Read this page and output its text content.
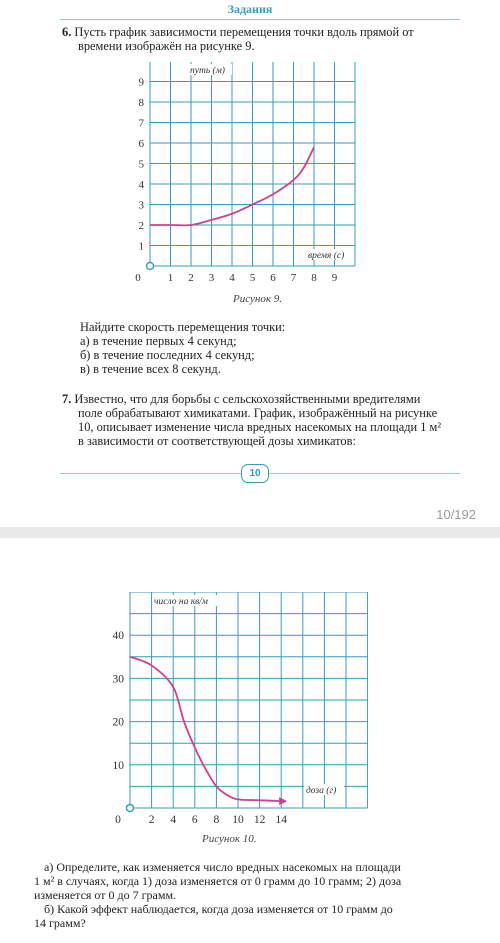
Задания
6. Пусть график зависимости перемещения точки вдоль прямой от
времени изображён на рисунке 9.
0 1 2 3 4 5 6 7 8 9
1
2
3
4
5
6
7
8
9
путь (м)
время (с)
Рисунок 9.
Найдите скорость перемещения точки:
а) в течение первых 4 секунд;
б) в течение последних 4 секунд;
в) в течение всех 8 секунд.
7. Известно, что для борьбы с сельскохозяйственными вредителями
поле обрабатывают химикатами. График, изображённый на рисунке
10, описывает изменение числа вредных насекомых на площади 1 м²
в зависимости от соответствующей дозы химикатов:
10
10/192
0 2 4 6 8 10 12 14
10
20
30
40
число на кв/м
доза (г)
Рисунок 10.
а) Определите, как изменяется число вредных насекомых на площади
1 м² в случаях, когда 1) доза изменяется от 0 грамм до 10 грамм; 2) доза
изменяется от 0 до 7 грамм.
б) Какой эффект наблюдается, когда доза изменяется от 10 грамм до
14 грамм?
